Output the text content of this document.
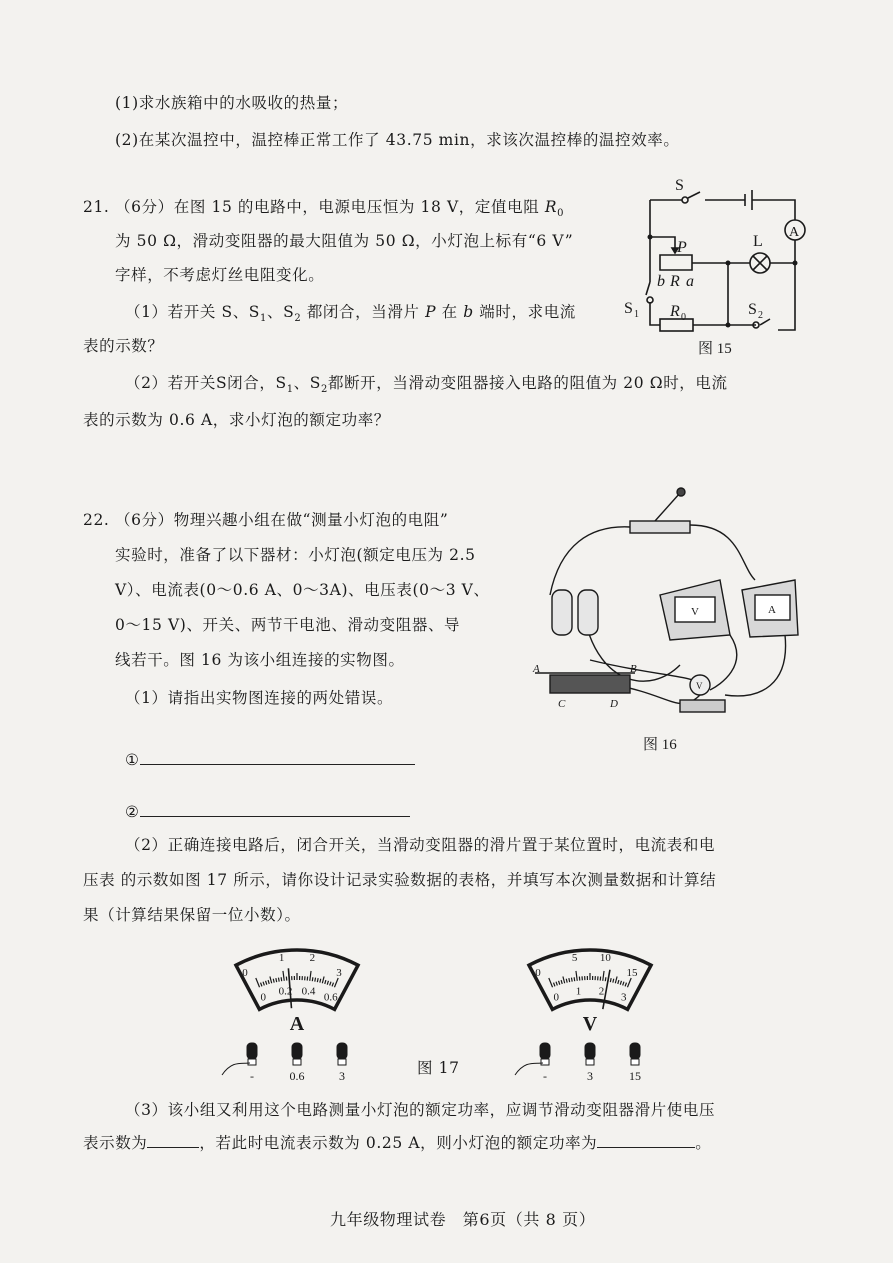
(1)求水族箱中的水吸收的热量；
(2)在某次温控中，温控棒正常工作了 43.75 min，求该次温控棒的温控效率。
21. （6分）在图 15 的电路中，电源电压恒为 18 V，定值电阻 $R_0$
为 50 Ω，滑动变阻器的最大阻值为 50 Ω，小灯泡上标有“6 V”
字样，不考虑灯丝电阻变化。
（1）若开关 S、$S_1$、$S_2$ 都闭合，当滑片 P 在 b 端时，求电流
表的示数？
（2）若开关S闭合，$S_1$、$S_2$都断开，当滑动变阻器接入电路的阻值为 20 Ω时，电流
表的示数为 0.6 A，求小灯泡的额定功率？
S
A
L
P
b R a
S 1 R 0	S 2
图 15
22. （6分）物理兴趣小组在做“测量小灯泡的电阻”
实验时，准备了以下器材：小灯泡(额定电压为 2.5
V）、电流表(0～0.6 A、0～3A)、电压表(0～3 V、
0～15 V)、开关、两节干电池、滑动变阻器、导
线若干。图 16 为该小组连接的实物图。
（1）请指出实物图连接的两处错误。
①
②
（2）正确连接电路后，闭合开关，当滑动变阻器的滑片置于某位置时，电流表和电
压表 的示数如图 17 所示，请你设计记录实验数据的表格，并填写本次测量数据和计算结
果（计算结果保留一位小数）。
A	B
C	D
V	A
V
图 16
0
1 2
3
0 0.2 0.4 0.6
A
-	0.6	3
0
5 10
15
0 1 2 3
V
-	3	15
图 17
（3）该小组又利用这个电路测量小灯泡的额定功率，应调节滑动变阻器滑片使电压
表示数为	，若此时电流表示数为 0.25 A，则小灯泡的额定功率为	。
九年级物理试卷　第6页（共 8 页）
